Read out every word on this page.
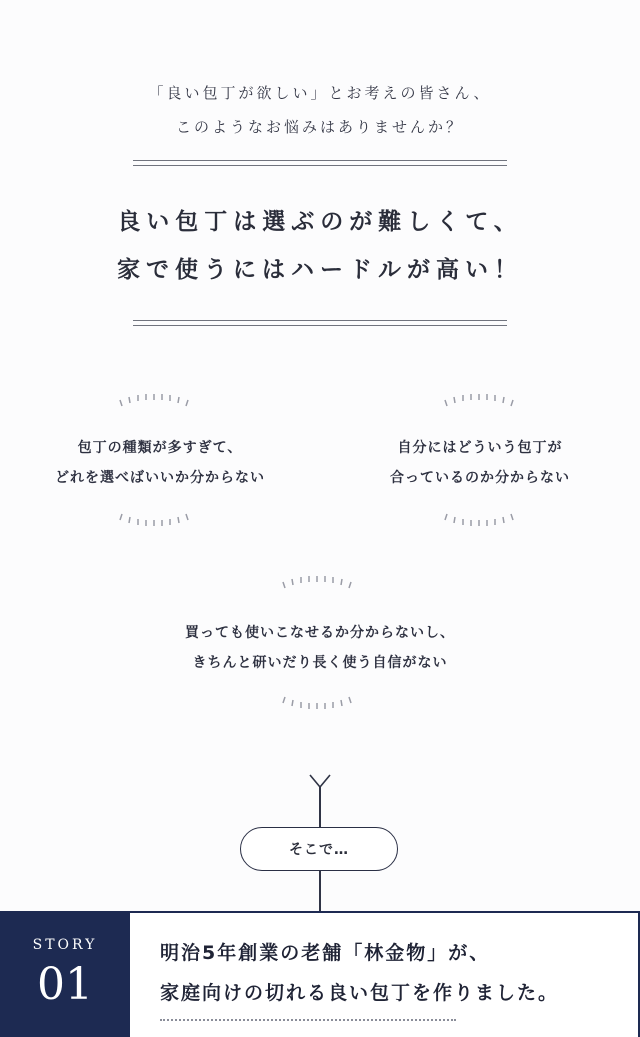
「良い包丁が欲しい」とお考えの皆さん、
このようなお悩みはありませんか？
良い包丁は選ぶのが難しくて、
家で使うにはハードルが高い！
包丁の種類が多すぎて、
どれを選べばいいか分からない
自分にはどういう包丁が
合っているのか分からない
買っても使いこなせるか分からないし、
きちんと研いだり長く使う自信がない
そこで…
STORY
01
明治5年創業の老舗「林金物」が、
家庭向けの切れる良い包丁を作りました。
